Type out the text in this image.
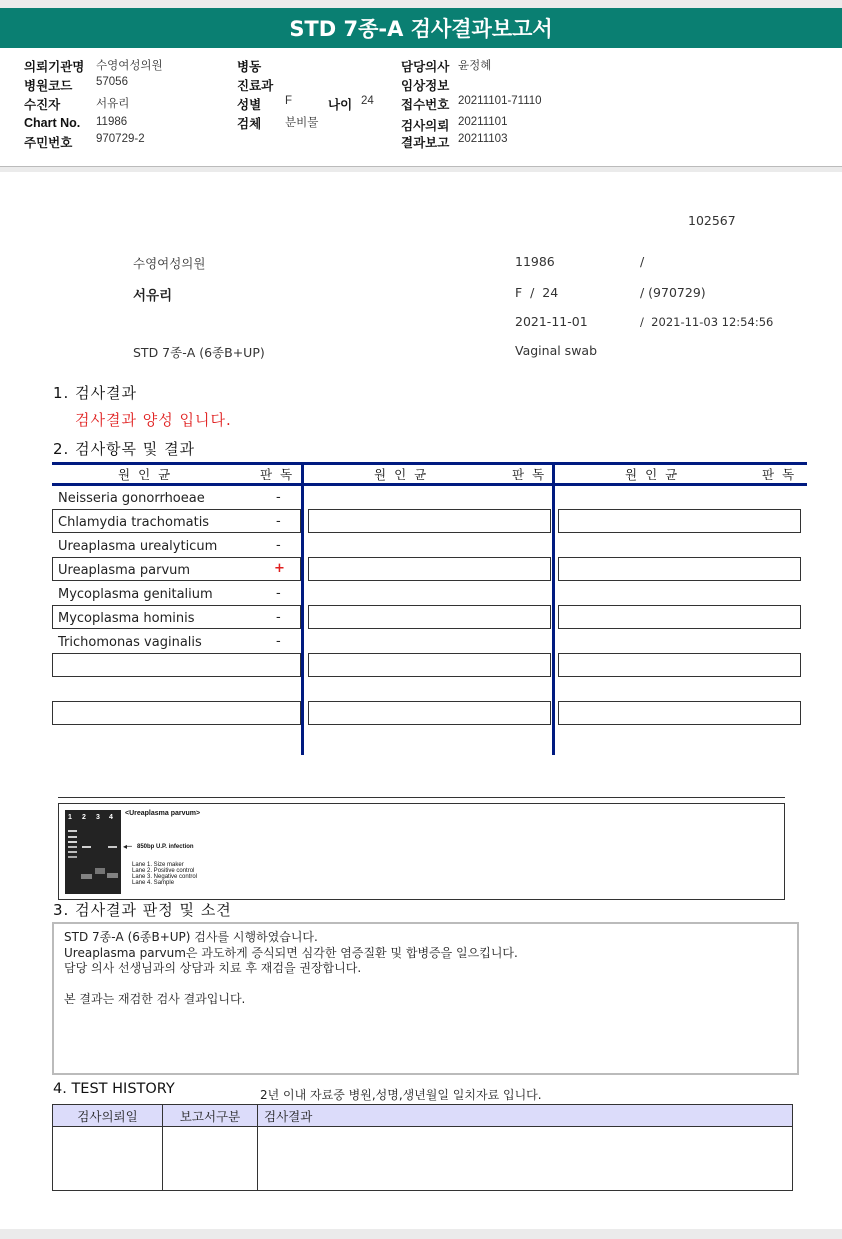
STD 7종-A 검사결과보고서
의뢰기관명 수영여성의원
병원코드 57056
수진자	서유리
Chart No. 11986
주민번호 970729-2
병동
진료과
성별 F	나이 24
검체 분비물
담당의사 윤정혜
임상정보
접수번호 20211101-71110
검사의뢰 20211101
결과보고 20211103
102567
수영여성의원	11986	/
서유리	F  /  24	/ (970729)
2021-11-01	/  2021-11-03 12:54:56
STD 7종-A (6종B+UP)	Vaginal swab
1. 검사결과
검사결과 양성 입니다.
2. 검사항목 및 결과
원인균	판독	원인균	판독	원인균	판독
Neisseria gonorrhoeae	-
Chlamydia trachomatis	-
Ureaplasma urealyticum	-
Ureaplasma parvum	+
Mycoplasma genitalium	-
Mycoplasma hominis	-
Trichomonas vaginalis	-
1 2 3 4
<Ureaplasma parvum>
◂─ 850bp U.P. infection
Lane 1. Size maker
Lane 2. Positive control
Lane 3. Negative control
Lane 4. Sample
3. 검사결과 판정 및 소견
STD 7종-A (6종B+UP) 검사를 시행하였습니다.
Ureaplasma parvum은 과도하게 증식되면 심각한 염증질환 및 합병증을 일으킵니다.
담당 의사 선생님과의 상담과 치료 후 재검을 권장합니다.
본 결과는 재검한 검사 결과입니다.
4. TEST HISTORY	2년 이내 자료중 병원,성명,생년월일 일치자료 입니다.
검사의뢰일	보고서구분	검사결과
